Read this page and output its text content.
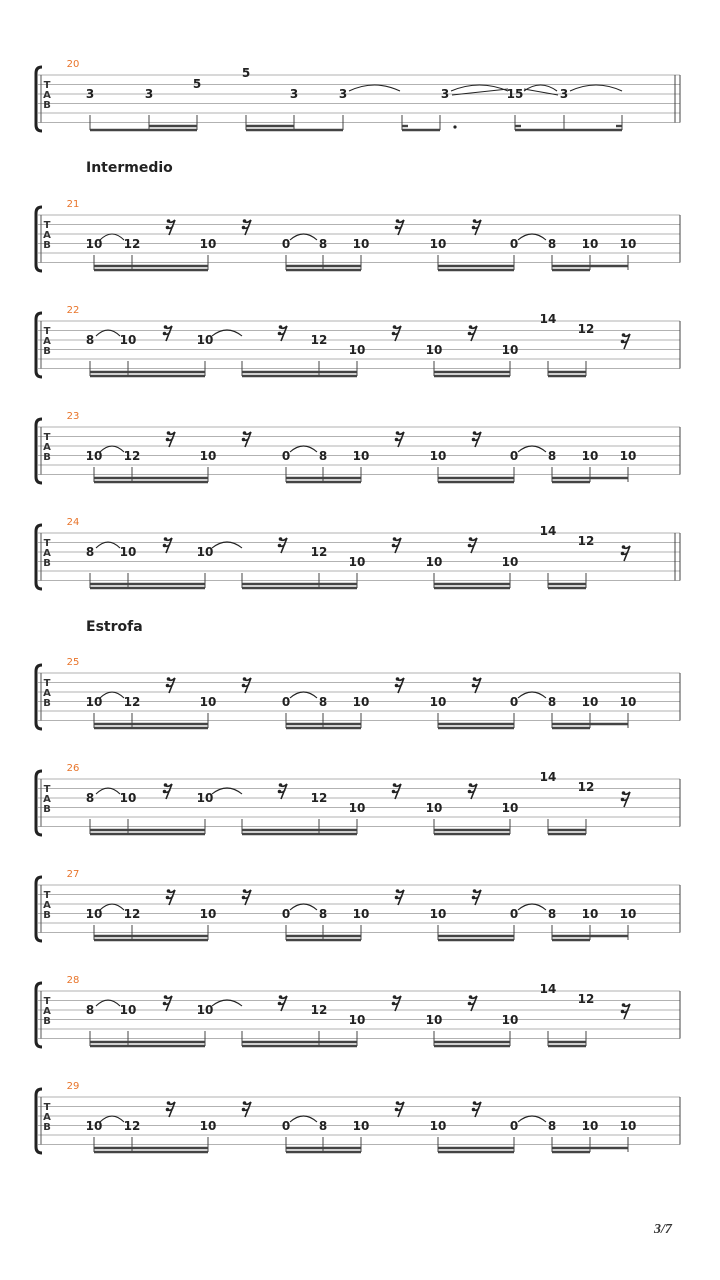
T
A
B
20
3	3
5
5
3	3	3	15	3
T
A
B
21
10 12	10	0 8 10	10	0 8 10 10
T
A
B
22
8 10	10	12
10	10	10
14
12
T
A
B
23
10 12	10	0 8 10	10	0 8 10 10
T
A
B
24
8 10	10	12
10	10	10
14
12
T
A
B
25
10 12	10	0 8 10	10	0 8 10 10
T
A
B
26
8 10	10	12
10	10	10
14
12
T
A
B
27
10 12	10	0 8 10	10	0 8 10 10
T
A
B
28
8 10	10	12
10	10	10
14
12
T
A
B
29
10 12	10	0 8 10	10	0 8 10 10
Intermedio
Estrofa
3/7
